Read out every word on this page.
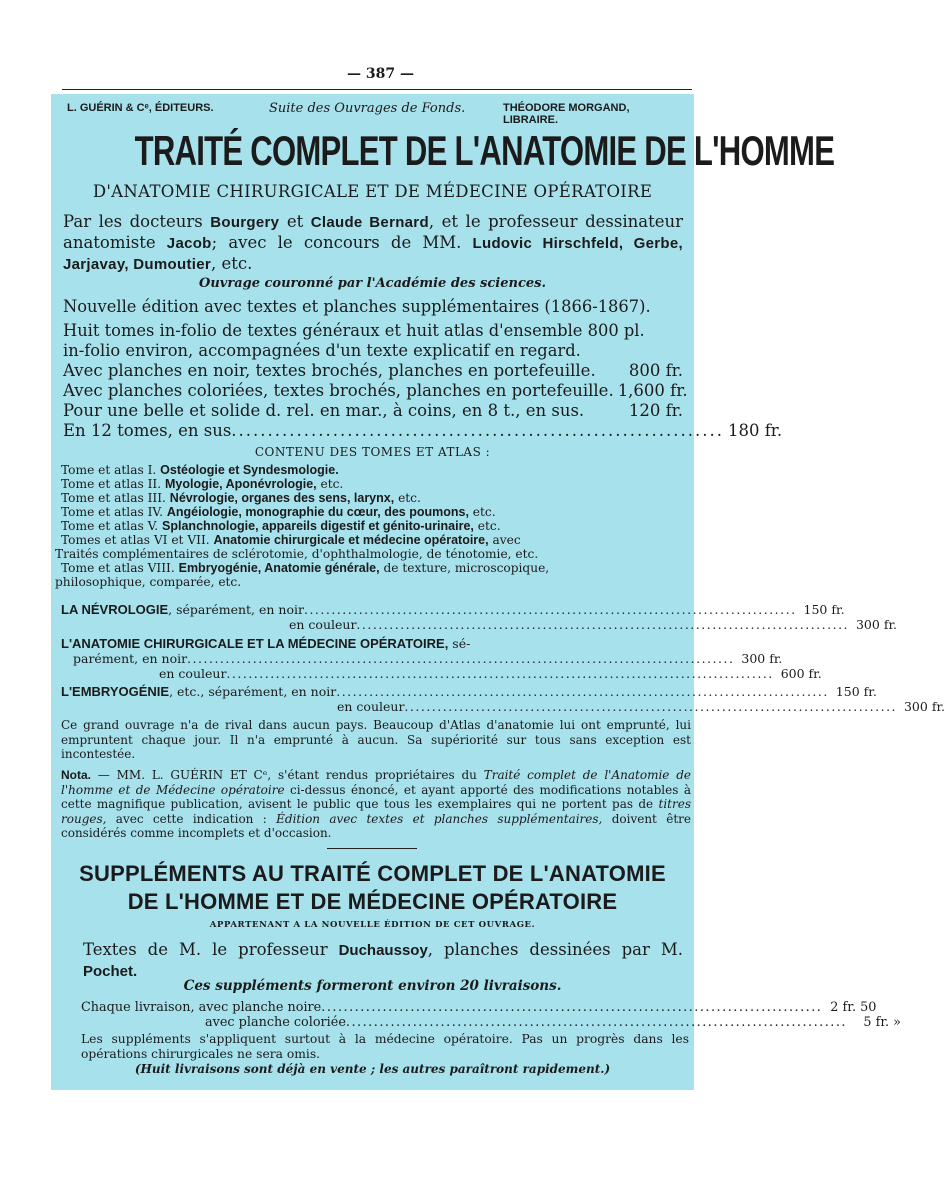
— 387 —
L. GUÉRIN & Cᵉ, ÉDITEURS.	Suite des Ouvrages de Fonds.	THÉODORE MORGAND, LIBRAIRE.
TRAITÉ COMPLET DE L'ANATOMIE DE L'HOMME
D'ANATOMIE CHIRURGICALE ET DE MÉDECINE OPÉRATOIRE
Par les docteurs Bourgery et Claude Bernard, et le professeur dessinateur anatomiste Jacob; avec le concours de MM. Ludovic Hirschfeld, Gerbe, Jarjavay, Dumoutier, etc.
Ouvrage couronné par l'Académie des sciences.
Nouvelle édition avec textes et planches supplémentaires (1866-1867).
Huit tomes in-folio de textes généraux et huit atlas d'ensemble 800 pl.
in-folio environ, accompagnées d'un texte explicatif en regard.
Avec planches en noir, textes brochés, planches en portefeuille. 800 fr.
Avec planches coloriées, textes brochés, planches en portefeuille. 1,600 fr.
Pour une belle et solide d. rel. en mar., à coins, en 8 t., en sus.	120 fr.
En 12 tomes, en sus .................................................................... 180 fr.
CONTENU DES TOMES ET ATLAS :
Tome et atlas I. Ostéologie et Syndesmologie.
Tome et atlas II. Myologie, Aponévrologie, etc.
Tome et atlas III. Névrologie, organes des sens, larynx, etc.
Tome et atlas IV. Angéiologie, monographie du cœur, des poumons, etc.
Tome et atlas V. Splanchnologie, appareils digestif et génito-urinaire, etc.
Tomes et atlas VI et VII. Anatomie chirurgicale et médecine opératoire, avec
Traités complémentaires de sclérotomie, d'ophthalmologie, de ténotomie, etc.
Tome et atlas VIII. Embryogénie, Anatomie générale, de texture, microscopique,
philosophique, comparée, etc.
LA NÉVROLOGIE, séparément, en noir .......................................................................................... 150 fr.
en couleur .......................................................................................... 300 fr.
L'ANATOMIE CHIRURGICALE ET LA MÉDECINE OPÉRATOIRE, sé-
parément, en noir .................................................................................................... 300 fr.
en couleur .................................................................................................... 600 fr.
L'EMBRYOGÉNIE, etc., séparément, en noir .......................................................................................... 150 fr.
en couleur .......................................................................................... 300 fr.
Ce grand ouvrage n'a de rival dans aucun pays. Beaucoup d'Atlas d'anatomie lui ont emprunté, lui empruntent chaque jour. Il n'a emprunté à aucun. Sa supériorité sur tous sans exception est incontestée.
Nota. — MM. L. GUÉRIN ET Cᵉ, s'étant rendus propriétaires du Traité complet de l'Anatomie de l'homme et de Médecine opératoire ci-dessus énoncé, et ayant apporté des modifications notables à cette magnifique publication, avisent le public que tous les exemplaires qui ne portent pas de titres rouges, avec cette indication : Édition avec textes et planches supplémentaires, doivent être considérés comme incomplets et d'occasion.
SUPPLÉMENTS AU TRAITÉ COMPLET DE L'ANATOMIE
DE L'HOMME ET DE MÉDECINE OPÉRATOIRE
APPARTENANT A LA NOUVELLE ÉDITION DE CET OUVRAGE.
Textes de M. le professeur Duchaussoy, planches dessinées par M. Pochet.
Ces suppléments formeront environ 20 livraisons.
Chaque livraison, avec planche noire .......................................................................................... 2 fr. 50
avec planche coloriée ..........................................................................................	5 fr. »
Les suppléments s'appliquent surtout à la médecine opératoire. Pas un progrès dans les opérations chirurgicales ne sera omis.
(Huit livraisons sont déjà en vente ; les autres paraîtront rapidement.)
